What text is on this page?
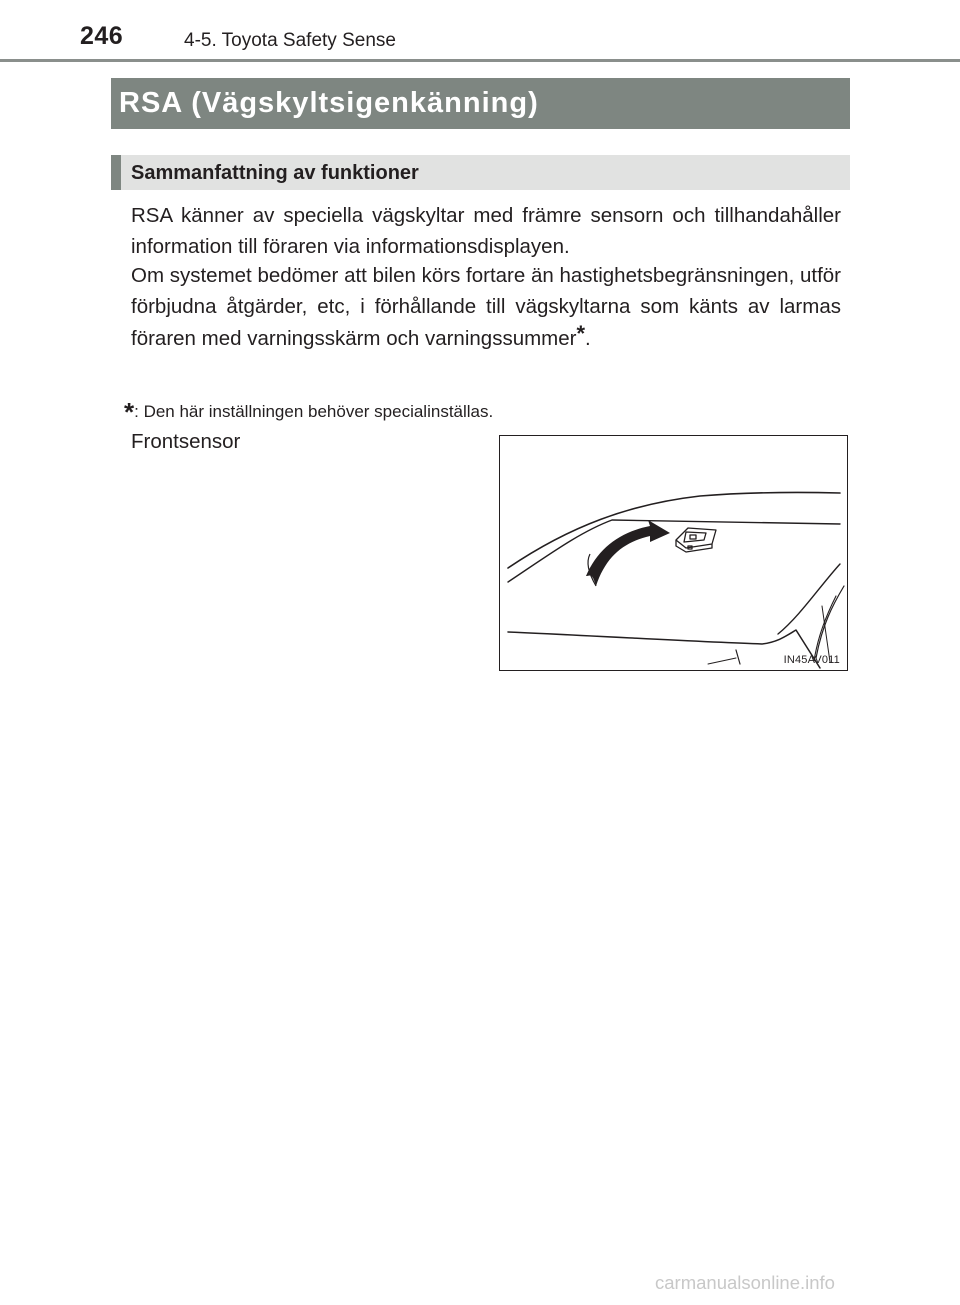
246	4-5. Toyota Safety Sense
RSA (Vägskyltsigenkänning)
Sammanfattning av funktioner
RSA känner av speciella vägskyltar med främre sensorn och tillhandahåller information till föraren via informationsdisplayen.
Om systemet bedömer att bilen körs fortare än hastighetsbegränsningen, utför förbjudna åtgärder, etc, i förhållande till vägskyltarna som känts av larmas föraren med varningsskärm och varningssummer*.
*: Den här inställningen behöver specialinställas.
Frontsensor
IN45AV011
carmanualsonline.info
